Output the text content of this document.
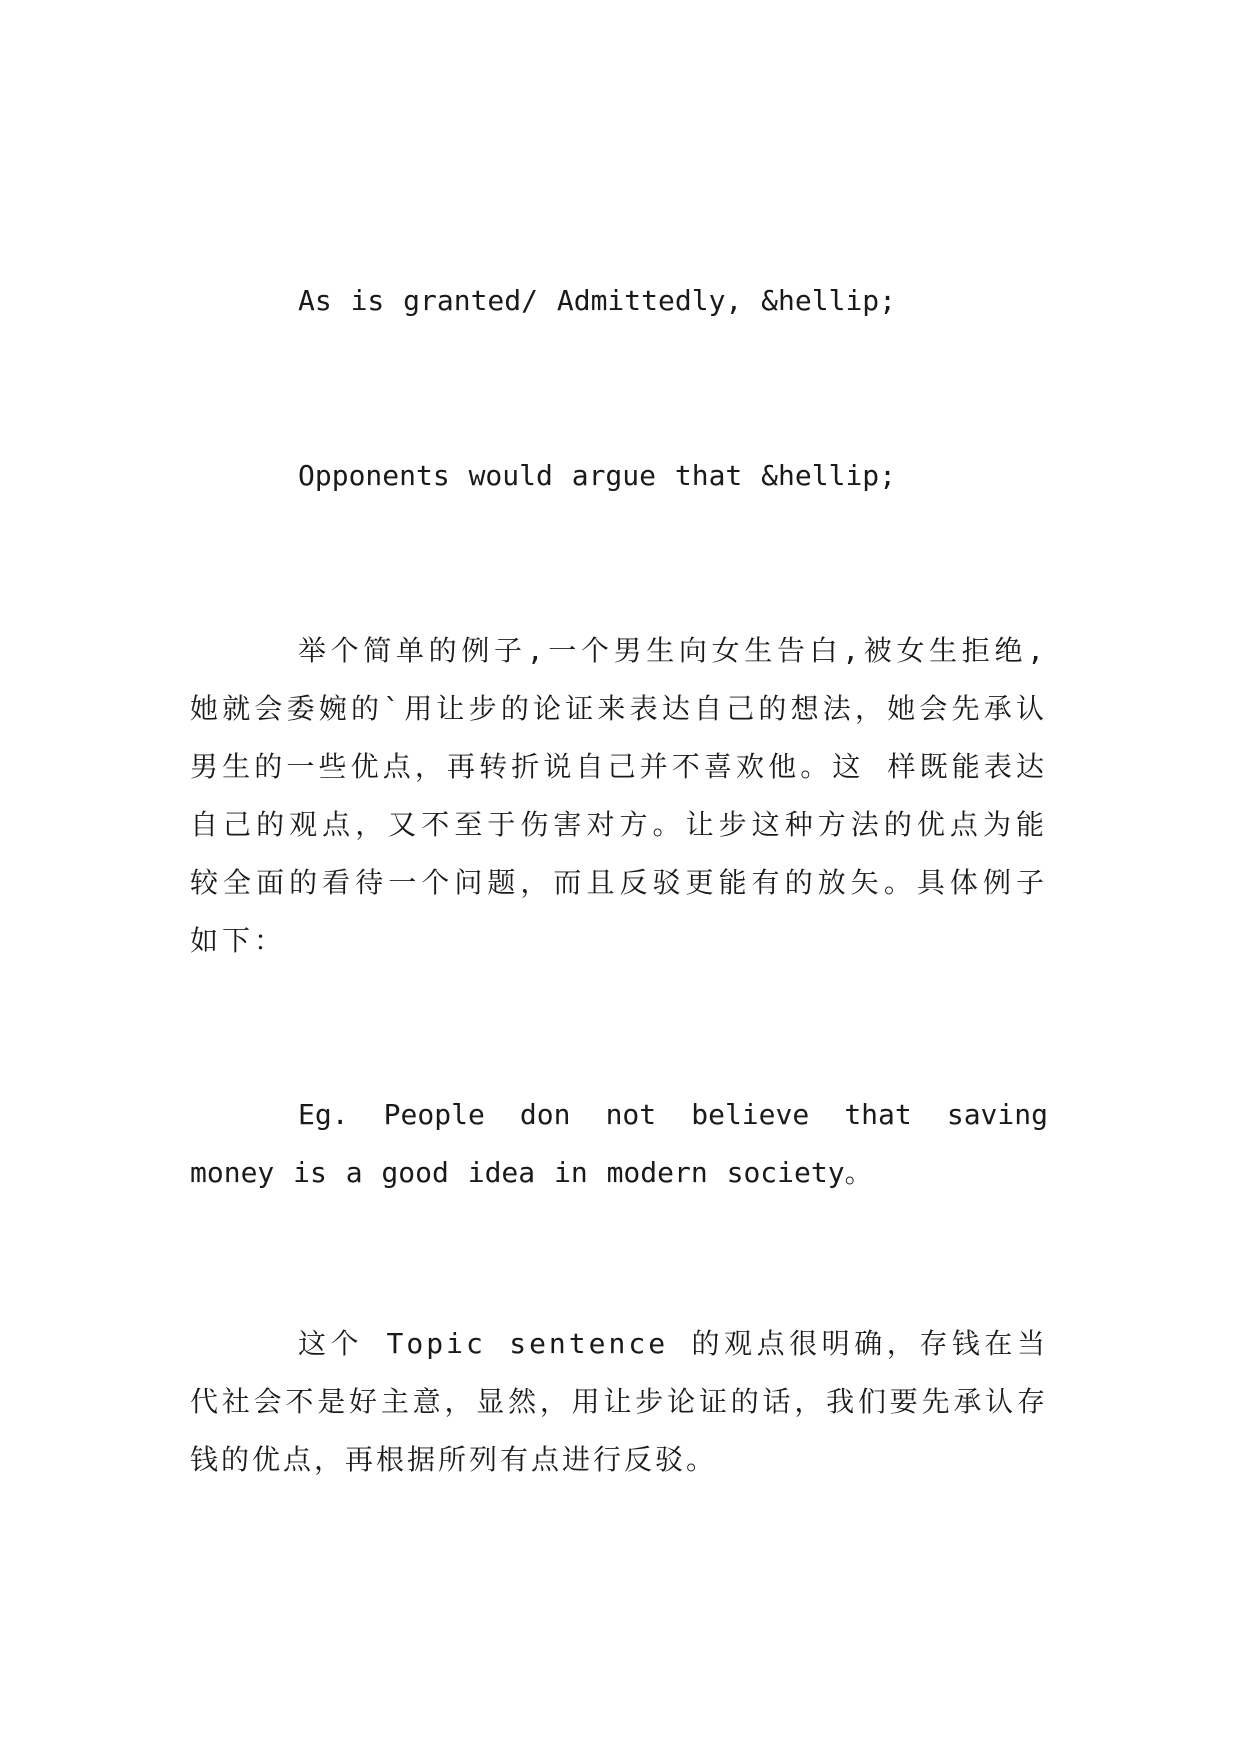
As is granted/ Admittedly, &hellip;

Opponents would argue that &hellip;

举个简单的例子,一个男生向女生告白,被女生拒绝,她就会委婉的`用让步的论证来表达自己的想法，她会先承认男生的一些优点，再转折说自己并不喜欢他。这 样既能表达自己的观点，又不至于伤害对方。让步这种方法的优点为能较全面的看待一个问题，而且反驳更能有的放矢。具体例子如下：

Eg. People don not believe that saving money is a good idea in modern society。

这个 Topic sentence 的观点很明确，存钱在当代社会不是好主意，显然，用让步论证的话，我们要先承认存钱的优点，再根据所列有点进行反驳。
